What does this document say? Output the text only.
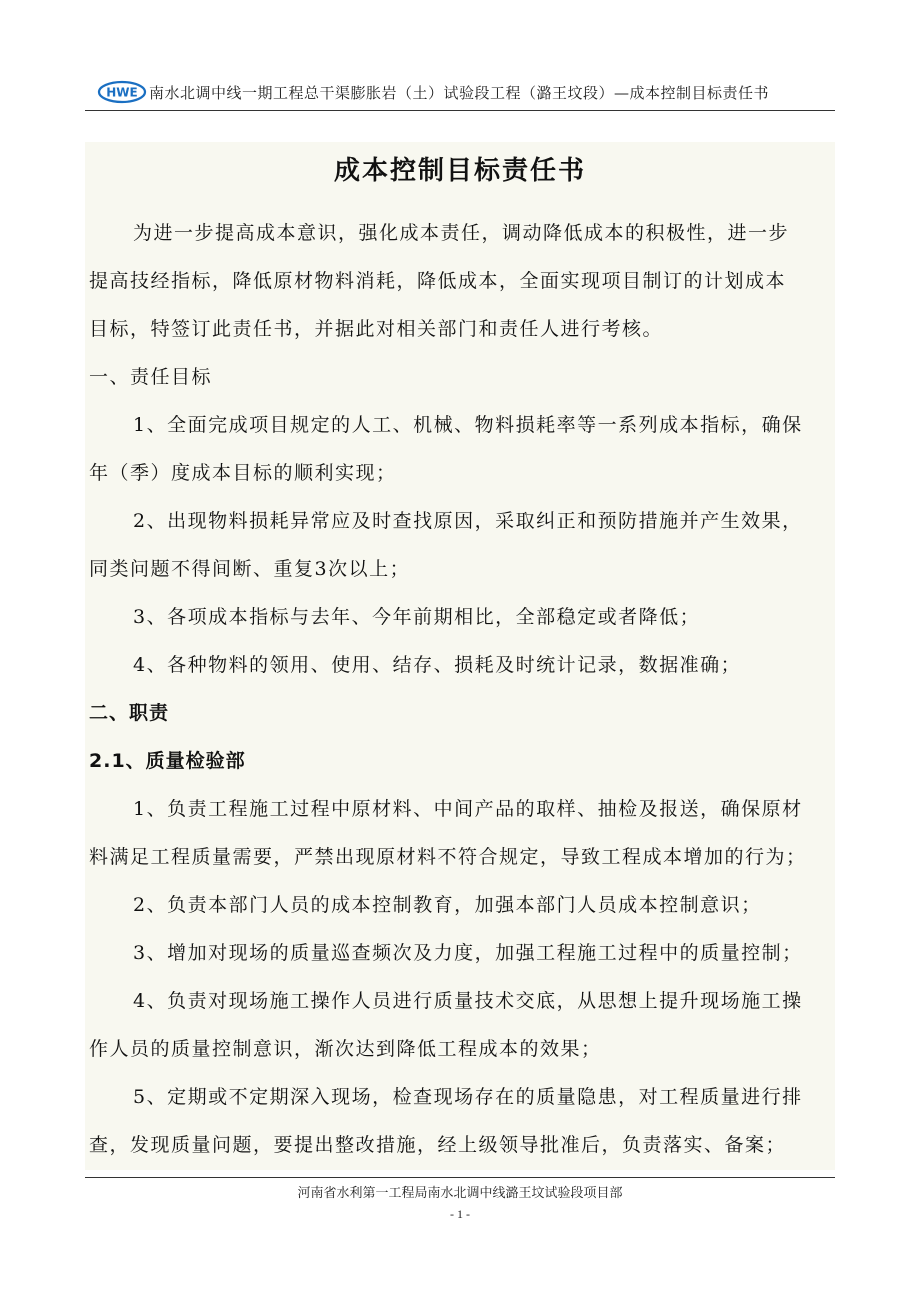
HWE 南水北调中线一期工程总干渠膨胀岩（土）试验段工程（潞王坟段）—成本控制目标责任书
成本控制目标责任书
为进一步提高成本意识，强化成本责任，调动降低成本的积极性，进一步
提高技经指标，降低原材物料消耗，降低成本，全面实现项目制订的计划成本
目标，特签订此责任书，并据此对相关部门和责任人进行考核。
一、责任目标
1、全面完成项目规定的人工、机械、物料损耗率等一系列成本指标，确保
年（季）度成本目标的顺利实现；
2、出现物料损耗异常应及时查找原因，采取纠正和预防措施并产生效果，
同类问题不得间断、重复3次以上；
3、各项成本指标与去年、今年前期相比，全部稳定或者降低；
4、各种物料的领用、使用、结存、损耗及时统计记录，数据准确；
二、职责
2.1、质量检验部
1、负责工程施工过程中原材料、中间产品的取样、抽检及报送，确保原材
料满足工程质量需要，严禁出现原材料不符合规定，导致工程成本增加的行为；
2、负责本部门人员的成本控制教育，加强本部门人员成本控制意识；
3、增加对现场的质量巡查频次及力度，加强工程施工过程中的质量控制；
4、负责对现场施工操作人员进行质量技术交底，从思想上提升现场施工操
作人员的质量控制意识，渐次达到降低工程成本的效果；
5、定期或不定期深入现场，检查现场存在的质量隐患，对工程质量进行排
查，发现质量问题，要提出整改措施，经上级领导批准后，负责落实、备案；
河南省水利第一工程局南水北调中线潞王坟试验段项目部
- 1 -
